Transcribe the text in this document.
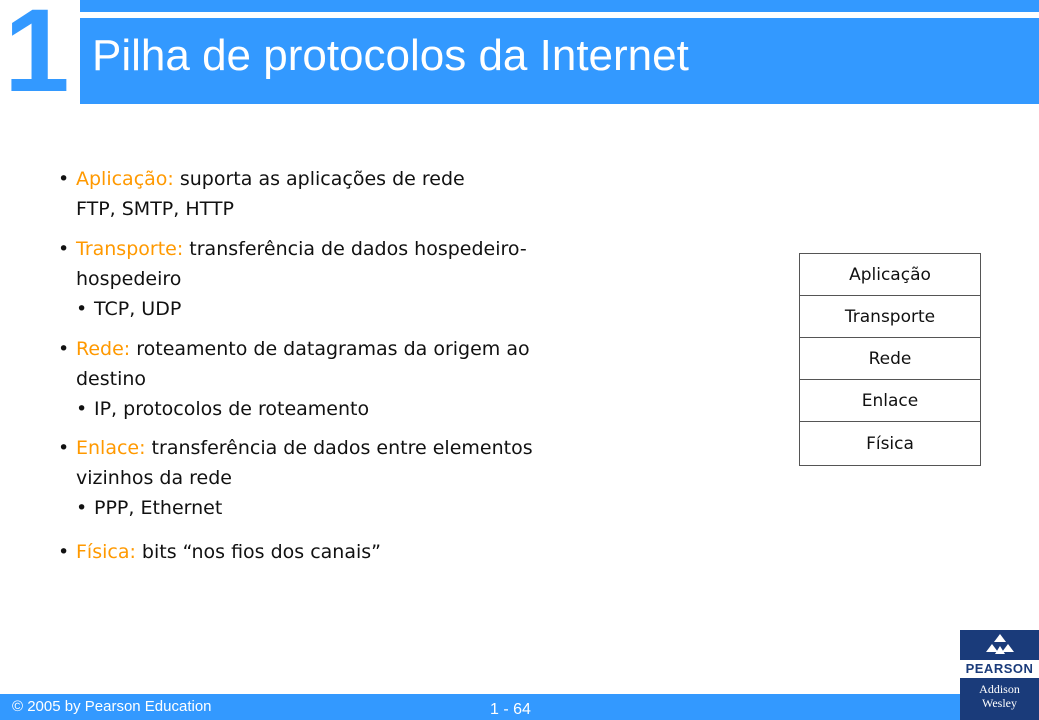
1 Pilha de protocolos da Internet
• Aplicação: suporta as aplicações de rede
FTP, SMTP, HTTP
• Transporte: transferência de dados hospedeiro-
hospedeiro
• TCP, UDP
• Rede: roteamento de datagramas da origem ao
destino
• IP, protocolos de roteamento
• Enlace: transferência de dados entre elementos
vizinhos da rede
• PPP, Ethernet
• Física: bits “nos fios dos canais”
Aplicação
Transporte
Rede
Enlace
Física
© 2005 by Pearson Education	1 - 64
PEARSON
Addison
Wesley
